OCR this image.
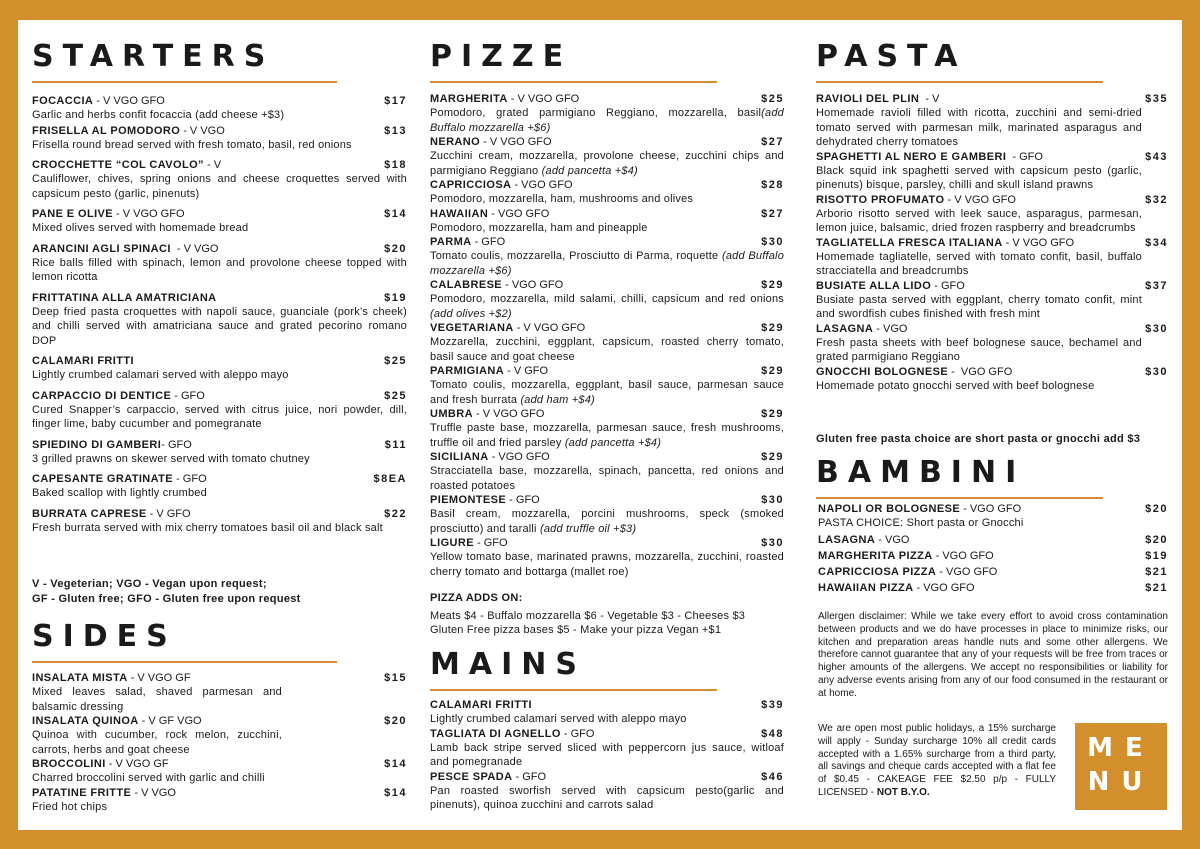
STARTERS
FOCACCIA - V VGO GFO	$17
Garlic and herbs confit focaccia (add cheese +$3)
FRISELLA AL POMODORO - V VGO	$13
Frisella round bread served with fresh tomato, basil, red onions
CROCCHETTE “COL CAVOLO” - V	$18
Cauliflower, chives, spring onions and cheese croquettes served with capsicum pesto (garlic, pinenuts)
PANE E OLIVE - V VGO GFO	$14
Mixed olives served with homemade bread
ARANCINI AGLI SPINACI  - V VGO	$20
Rice balls filled with spinach, lemon and provolone cheese topped with lemon ricotta
FRITTATINA ALLA AMATRICIANA	$19
Deep fried pasta croquettes with napoli sauce, guanciale (pork’s cheek) and chilli served with amatriciana sauce and grated pecorino romano DOP
CALAMARI FRITTI	$25
Lightly crumbed calamari served with aleppo mayo
CARPACCIO DI DENTICE - GFO	$25
Cured Snapper’s carpaccio, served with citrus juice, nori powder, dill, finger lime, baby cucumber and pomegranate
SPIEDINO DI GAMBERI- GFO	$11
3 grilled prawns on skewer served with tomato chutney
CAPESANTE GRATINATE - GFO	$8EA
Baked scallop with lightly crumbed
BURRATA CAPRESE - V GFO	$22
Fresh burrata served with mix cherry tomatoes basil oil and black salt
V - Vegeterian; VGO - Vegan upon request;
GF - Gluten free; GFO - Gluten free upon request
SIDES
INSALATA MISTA - V VGO GF	$15
Mixed leaves salad, shaved parmesan and balsamic dressing
INSALATA QUINOA - V GF VGO	$20
Quinoa with cucumber, rock melon, zucchini, carrots, herbs and goat cheese
BROCCOLINI - V VGO GF	$14
Charred broccolini served with garlic and chilli
PATATINE FRITTE - V VGO	$14
Fried hot chips
PIZZE
MARGHERITA - V VGO GFO	$25
Pomodoro, grated parmigiano Reggiano, mozzarella, basil(add Buffalo mozzarella +$6)
NERANO - V VGO GFO	$27
Zucchini cream, mozzarella, provolone cheese, zucchini chips and parmigiano Reggiano (add pancetta +$4)
CAPRICCIOSA - VGO GFO	$28
Pomodoro, mozzarella, ham, mushrooms and olives
HAWAIIAN - VGO GFO	$27
Pomodoro, mozzarella, ham and pineapple
PARMA - GFO	$30
Tomato coulis, mozzarella, Prosciutto di Parma, roquette (add Buffalo mozzarella +$6)
CALABRESE - VGO GFO	$29
Pomodoro, mozzarella, mild salami, chilli, capsicum and red onions (add olives +$2)
VEGETARIANA - V VGO GFO	$29
Mozzarella, zucchini, eggplant, capsicum, roasted cherry tomato, basil sauce and goat cheese
PARMIGIANA - V GFO	$29
Tomato coulis, mozzarella, eggplant, basil sauce, parmesan sauce and fresh burrata (add ham +$4)
UMBRA - V VGO GFO	$29
Truffle paste base, mozzarella, parmesan sauce, fresh mushrooms, truffle oil and fried parsley (add pancetta +$4)
SICILIANA - VGO GFO	$29
Stracciatella base, mozzarella, spinach, pancetta, red onions and roasted potatoes
PIEMONTESE - GFO	$30
Basil cream, mozzarella, porcini mushrooms, speck (smoked prosciutto) and taralli (add truffle oil +$3)
LIGURE - GFO	$30
Yellow tomato base, marinated prawns, mozzarella, zucchini, roasted cherry tomato and bottarga (mallet roe)
PIZZA ADDS ON:
Meats $4 - Buffalo mozzarella $6 - Vegetable $3 - Cheeses $3
Gluten Free pizza bases $5 - Make your pizza Vegan +$1
MAINS
CALAMARI FRITTI	$39
Lightly crumbed calamari served with aleppo mayo
TAGLIATA DI AGNELLO - GFO	$48
Lamb back stripe served sliced with peppercorn jus sauce, witloaf and pomegranade
PESCE SPADA - GFO	$46
Pan roasted sworfish served with capsicum pesto(garlic and pinenuts), quinoa zucchini and carrots salad
PASTA
RAVIOLI DEL PLIN  - V	$35
Homemade ravioli filled with ricotta, zucchini and semi-dried tomato served with parmesan milk, marinated asparagus and dehydrated cherry tomatoes
SPAGHETTI AL NERO E GAMBERI  - GFO	$43
Black squid ink spaghetti served with capsicum pesto (garlic, pinenuts) bisque, parsley, chilli and skull island prawns
RISOTTO PROFUMATO - V VGO GFO	$32
Arborio risotto served with leek sauce, asparagus, parmesan, lemon juice, balsamic, dried frozen raspberry and breadcrumbs
TAGLIATELLA FRESCA ITALIANA - V VGO GFO	$34
Homemade tagliatelle, served with tomato confit, basil, buffalo stracciatella and breadcrumbs
BUSIATE ALLA LIDO - GFO	$37
Busiate pasta served with eggplant, cherry tomato confit, mint and swordfish cubes finished with fresh mint
LASAGNA - VGO	$30
Fresh pasta sheets with beef bolognese sauce, bechamel and grated parmigiano Reggiano
GNOCCHI BOLOGNESE -  VGO GFO	$30
Homemade potato gnocchi served with beef bolognese
Gluten free pasta choice are short pasta or gnocchi add $3
BAMBINI
NAPOLI OR BOLOGNESE - VGO GFO	$20
PASTA CHOICE: Short pasta or Gnocchi
LASAGNA - VGO	$20
MARGHERITA PIZZA - VGO GFO	$19
CAPRICCIOSA PIZZA - VGO GFO	$21
HAWAIIAN PIZZA - VGO GFO	$21
Allergen disclaimer: While we take every effort to avoid cross contamination between products and we do have processes in place to minimize risks, our kitchen and preparation areas handle nuts and some other allergens. We therefore cannot guarantee that any of your requests will be free from traces or higher amounts of the allergens. We accept no responsibilities or liability for any adverse events arising from any of our food consumed in the restaurant or at home.
We are open most public holidays, a 15% surcharge will apply - Sunday surcharge 10% all credit cards accepted with a 1.65% surcharge from a third party, all savings and cheque cards accepted with a flat fee of $0.45 - CAKEAGE FEE $2.50 p/p - FULLY LICENSED - NOT B.Y.O.
ME
NU
